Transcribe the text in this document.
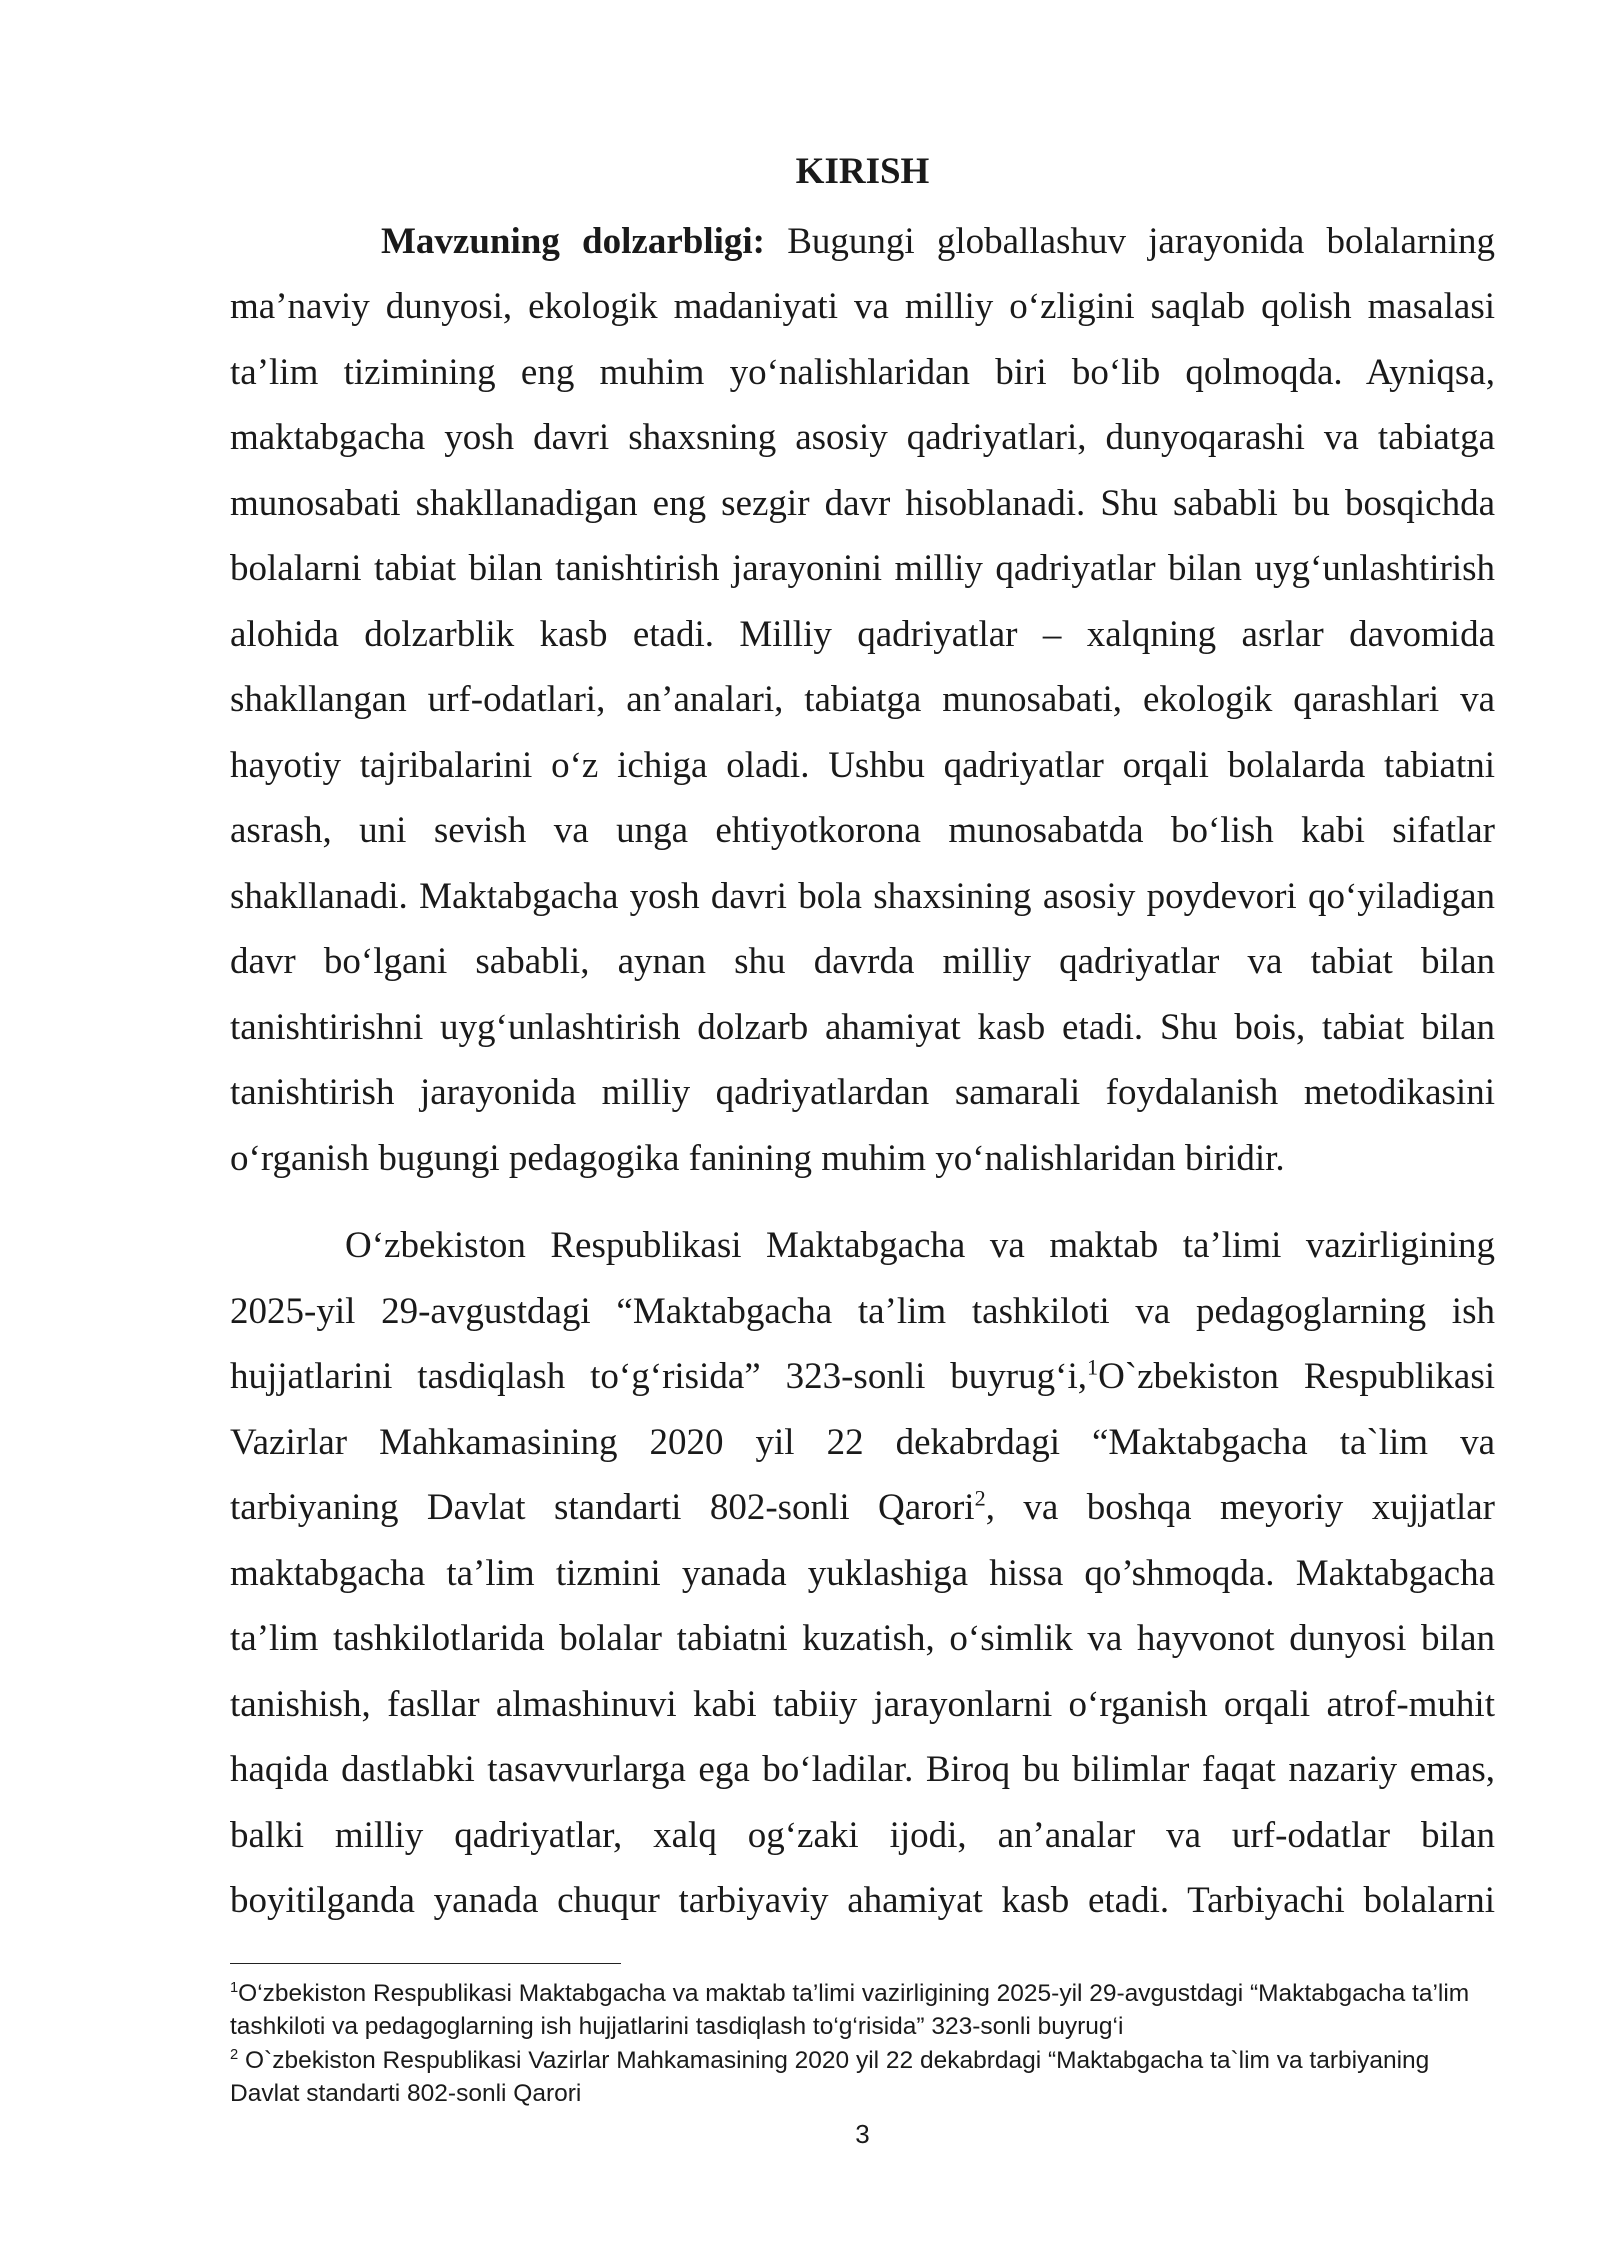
KIRISH
Mavzuning dolzarbligi: Bugungi globallashuv jarayonida bolalarning
ma’naviy dunyosi, ekologik madaniyati va milliy o‘zligini saqlab qolish masalasi
ta’lim tizimining eng muhim yo‘nalishlaridan biri bo‘lib qolmoqda. Ayniqsa,
maktabgacha yosh davri shaxsning asosiy qadriyatlari, dunyoqarashi va tabiatga
munosabati shakllanadigan eng sezgir davr hisoblanadi. Shu sababli bu bosqichda
bolalarni tabiat bilan tanishtirish jarayonini milliy qadriyatlar bilan uyg‘unlashtirish
alohida dolzarblik kasb etadi. Milliy qadriyatlar – xalqning asrlar davomida
shakllangan urf-odatlari, an’analari, tabiatga munosabati, ekologik qarashlari va
hayotiy tajribalarini o‘z ichiga oladi. Ushbu qadriyatlar orqali bolalarda tabiatni
asrash, uni sevish va unga ehtiyotkorona munosabatda bo‘lish kabi sifatlar
shakllanadi. Maktabgacha yosh davri bola shaxsining asosiy poydevori qo‘yiladigan
davr bo‘lgani sababli, aynan shu davrda milliy qadriyatlar va tabiat bilan
tanishtirishni uyg‘unlashtirish dolzarb ahamiyat kasb etadi. Shu bois, tabiat bilan
tanishtirish jarayonida milliy qadriyatlardan samarali foydalanish metodikasini
o‘rganish bugungi pedagogika fanining muhim yo‘nalishlaridan biridir.
O‘zbekiston Respublikasi Maktabgacha va maktab ta’limi vazirligining
2025-yil 29-avgustdagi “Maktabgacha ta’lim tashkiloti va pedagoglarning ish
hujjatlarini tasdiqlash to‘g‘risida” 323-sonli buyrug‘i,$^1$O`zbekiston Respublikasi
Vazirlar Mahkamasining 2020 yil 22 dekabrdagi “Maktabgacha ta`lim va
tarbiyaning Davlat standarti 802-sonli Qarori$^2$, va boshqa meyoriy xujjatlar
maktabgacha ta’lim tizmini yanada yuklashiga hissa qo’shmoqda. Maktabgacha
ta’lim tashkilotlarida bolalar tabiatni kuzatish, o‘simlik va hayvonot dunyosi bilan
tanishish, fasllar almashinuvi kabi tabiiy jarayonlarni o‘rganish orqali atrof-muhit
haqida dastlabki tasavvurlarga ega bo‘ladilar. Biroq bu bilimlar faqat nazariy emas,
balki milliy qadriyatlar, xalq og‘zaki ijodi, an’analar va urf-odatlar bilan
boyitilganda yanada chuqur tarbiyaviy ahamiyat kasb etadi. Tarbiyachi bolalarni
$^1$O‘zbekiston Respublikasi Maktabgacha va maktab ta’limi vazirligining 2025-yil 29-avgustdagi “Maktabgacha ta’lim
tashkiloti va pedagoglarning ish hujjatlarini tasdiqlash to‘g‘risida” 323-sonli buyrug‘i
$^2$ O`zbekiston Respublikasi Vazirlar Mahkamasining 2020 yil 22 dekabrdagi “Maktabgacha ta`lim va tarbiyaning
Davlat standarti 802-sonli Qarori
3
